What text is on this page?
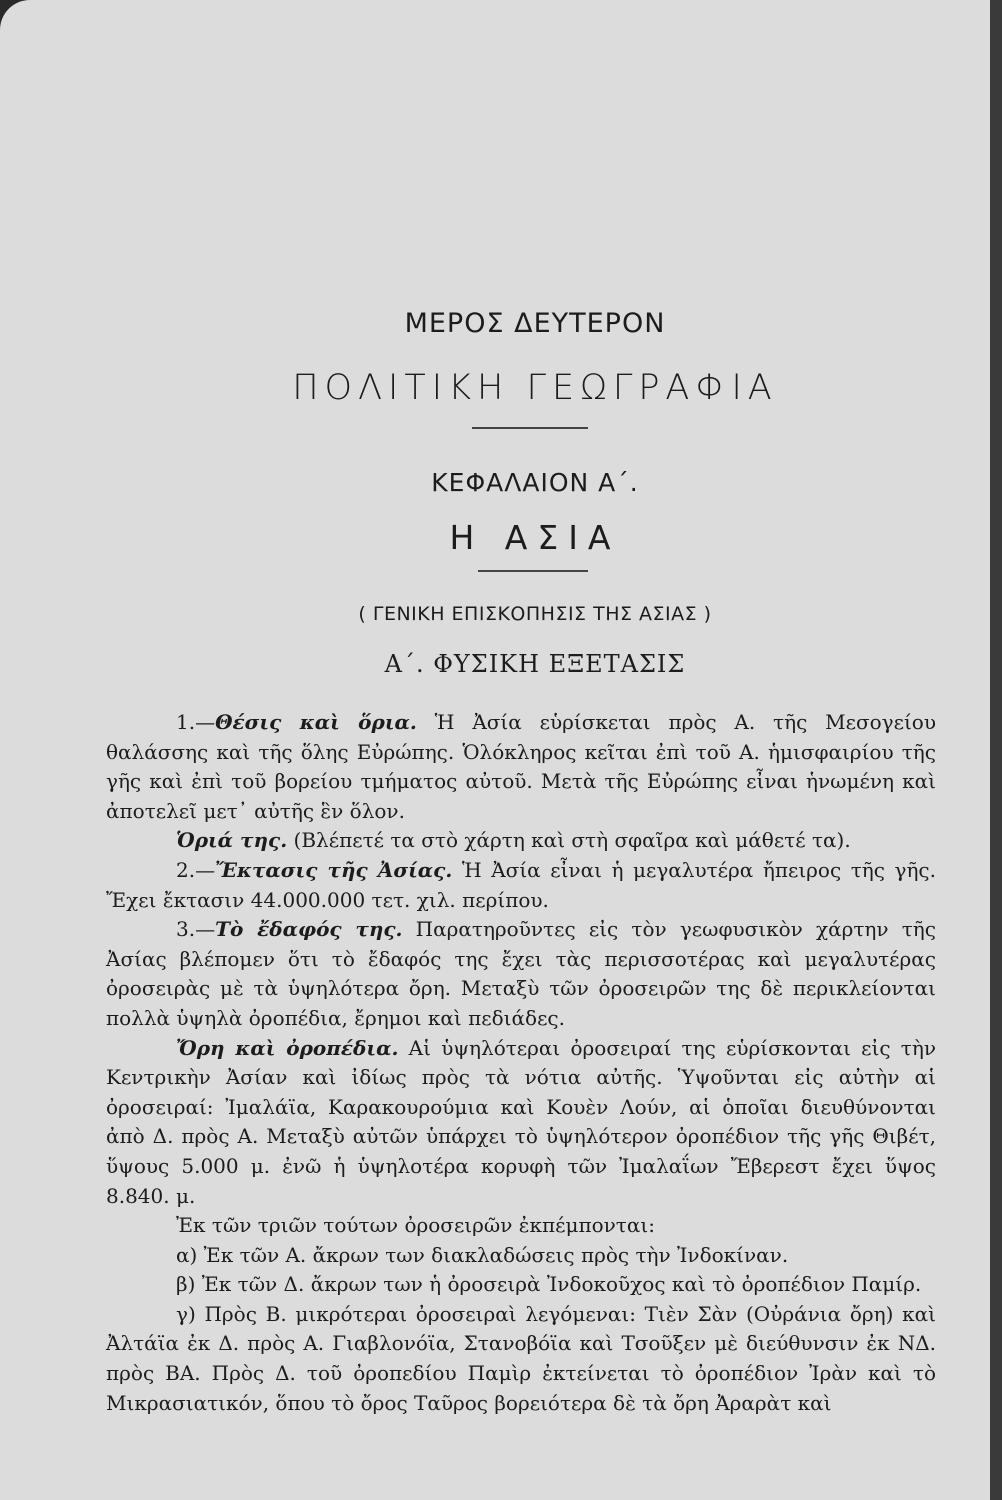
ΜΕΡΟΣ ΔΕΥΤΕΡΟΝ
ΠΟΛΙΤΙΚΗ ΓΕΩΓΡΑΦΙΑ
ΚΕΦΑΛΑΙΟΝ Α΄.
Η ΑΣΙΑ
( ΓΕΝΙΚΗ ΕΠΙΣΚΟΠΗΣΙΣ ΤΗΣ ΑΣΙΑΣ )
Α΄. ΦΥΣΙΚΗ ΕΞΕΤΑΣΙΣ

1.—Θέσις καὶ ὅρια. Ἡ Ἀσία εὑρίσκεται πρὸς Α. τῆς Μεσογείου θαλάσσης καὶ τῆς ὅλης Εὐρώπης. Ὁλόκληρος κεῖται ἐπὶ τοῦ Α. ἡμισφαιρίου τῆς γῆς καὶ ἐπὶ τοῦ βορείου τμήματος αὐτοῦ. Μετὰ τῆς Εὐρώπης εἶναι ἡνωμένη καὶ ἀποτελεῖ μετ᾽ αὐτῆς ἓν ὅλον.

Ὁριά της. (Βλέπετέ τα στὸ χάρτη καὶ στὴ σφαῖρα καὶ μάθετέ τα).

2.—Ἔκτασις τῆς Ἀσίας. Ἡ Ἀσία εἶναι ἡ μεγαλυτέρα ἤπειρος τῆς γῆς. Ἔχει ἔκτασιν 44.000.000 τετ. χιλ. περίπου.

3.—Τὸ ἔδαφός της. Παρατηροῦντες εἰς τὸν γεωφυσικὸν χάρτην τῆς Ἀσίας βλέπομεν ὅτι τὸ ἔδαφός της ἔχει τὰς περισσοτέρας καὶ μεγαλυτέρας ὀροσειρὰς μὲ τὰ ὑψηλότερα ὄρη. Μεταξὺ τῶν ὀροσειρῶν της δὲ περικλείονται πολλὰ ὑψηλὰ ὀροπέδια, ἔρημοι καὶ πεδιάδες.

Ὄρη καὶ ὀροπέδια. Αἱ ὑψηλότεραι ὀροσειραί της εὑρίσκονται εἰς τὴν Κεντρικὴν Ἀσίαν καὶ ἰδίως πρὸς τὰ νότια αὐτῆς. Ὑψοῦνται εἰς αὐτὴν αἱ ὀροσειραί: Ἰμαλάϊα, Καρακουρούμια καὶ Κουὲν Λούν, αἱ ὁποῖαι διευθύνονται ἀπὸ Δ. πρὸς Α. Μεταξὺ αὐτῶν ὑπάρχει τὸ ὑψηλότερον ὀροπέδιον τῆς γῆς Θιβέτ, ὕψους 5.000 μ. ἐνῶ ἡ ὑψηλοτέρα κορυφὴ τῶν Ἰμαλαΐων Ἔβερεστ ἔχει ὕψος 8.840. μ.

Ἐκ τῶν τριῶν τούτων ὀροσειρῶν ἐκπέμπονται:

α) Ἐκ τῶν Α. ἄκρων των διακλαδώσεις πρὸς τὴν Ἰνδοκίναν.

β) Ἐκ τῶν Δ. ἄκρων των ἡ ὀροσειρὰ Ἰνδοκοῦχος καὶ τὸ ὀροπέδιον Παμίρ.

γ) Πρὸς Β. μικρότεραι ὀροσειραὶ λεγόμεναι: Τιὲν Σὰν (Οὐράνια ὄρη) καὶ Ἀλτάϊα ἐκ Δ. πρὸς Α. Γιαβλονόϊα, Στανοβόϊα καὶ Τσοῦξεν μὲ διεύθυνσιν ἐκ ΝΔ. πρὸς ΒΑ. Πρὸς Δ. τοῦ ὀροπεδίου Παμὶρ ἐκτείνεται τὸ ὀροπέδιον Ἰρὰν καὶ τὸ Μικρασιατικόν, ὅπου τὸ ὄρος Ταῦρος βορειότερα δὲ τὰ ὄρη Ἀραρὰτ καὶ
